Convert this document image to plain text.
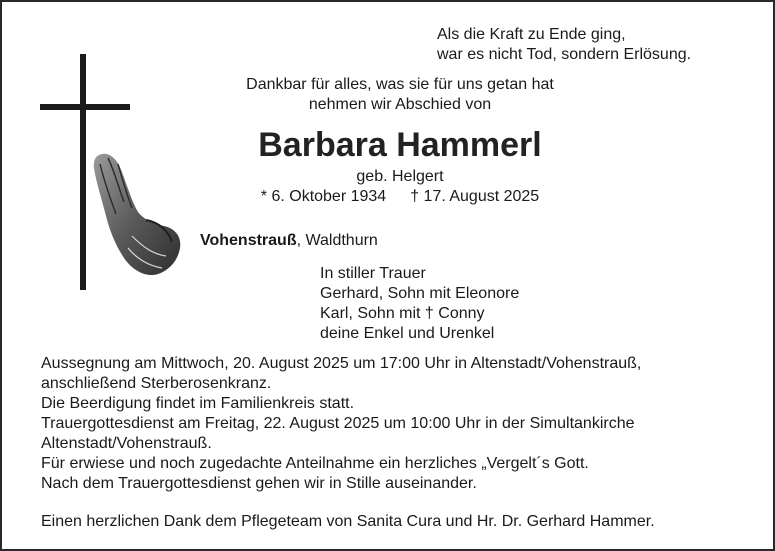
Als die Kraft zu Ende ging,
war es nicht Tod, sondern Erlösung.
Dankbar für alles, was sie für uns getan hat
nehmen wir Abschied von
Barbara Hammerl
geb. Helgert
* 6. Oktober 1934 † 17. August 2025
Vohenstrauß, Waldthurn
In stiller Trauer
Gerhard, Sohn mit Eleonore
Karl, Sohn mit † Conny
deine Enkel und Urenkel
Aussegnung am Mittwoch, 20. August 2025 um 17:00 Uhr in Altenstadt/Vohenstrauß,
anschließend Sterberosenkranz.
Die Beerdigung findet im Familienkreis statt.
Trauergottesdienst am Freitag, 22. August 2025 um 10:00 Uhr in der Simultankirche
Altenstadt/Vohenstrauß.
Für erwiese und noch zugedachte Anteilnahme ein herzliches „Vergelt´s Gott.
Nach dem Trauergottesdienst gehen wir in Stille auseinander.
Einen herzlichen Dank dem Pflegeteam von Sanita Cura und Hr. Dr. Gerhard Hammer.
